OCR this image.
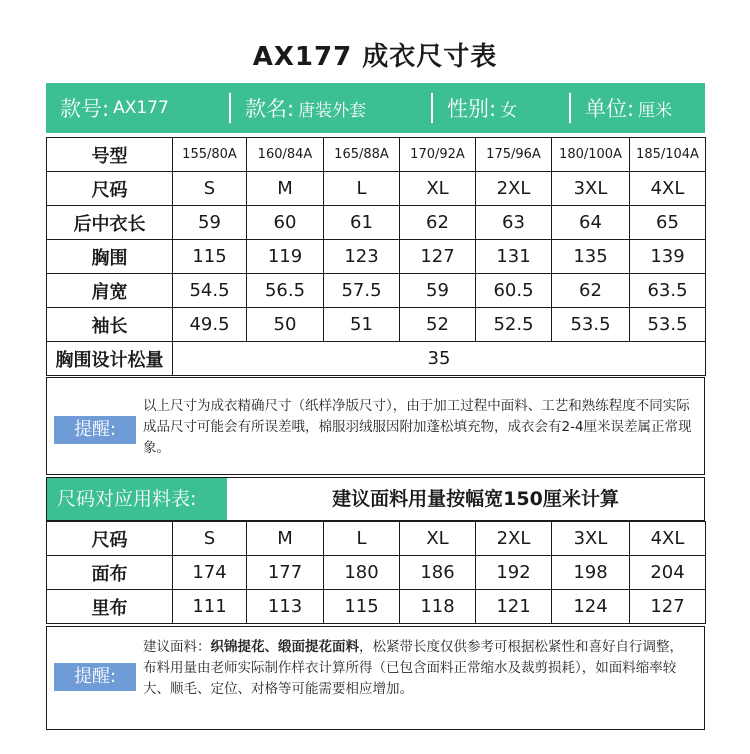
AX177 成衣尺寸表
款号: AX177	款名: 唐装外套	性别: 女	单位: 厘米
号型	155/80A	160/84A	165/88A	170/92A	175/96A	180/100A	185/104A
尺码	S	M	L	XL	2XL	3XL	4XL
后中衣长	59	60	61	62	63	64	65
胸围	115	119	123	127	131	135	139
肩宽	54.5	56.5	57.5	59	60.5	62	63.5
袖长	49.5	50	51	52	52.5	53.5	53.5
胸围设计松量	35						
提醒:
以上尺寸为成衣精确尺寸（纸样净版尺寸），由于加工过程中面料、工艺和熟练程度不同实际成品尺寸可能会有所误差哦，棉服羽绒服因附加蓬松填充物，成衣会有2-4厘米误差属正常现象。
尺码对应用料表:	建议面料用量按幅宽150厘米计算
尺码	S	M	L	XL	2XL	3XL	4XL
面布	174	177	180	186	192	198	204
里布	111	113	115	118	121	124	127
提醒:
建议面料：织锦提花、缎面提花面料，松紧带长度仅供参考可根据松紧性和喜好自行调整，布料用量由老师实际制作样衣计算所得（已包含面料正常缩水及裁剪损耗），如面料缩率较大、顺毛、定位、对格等可能需要相应增加。
